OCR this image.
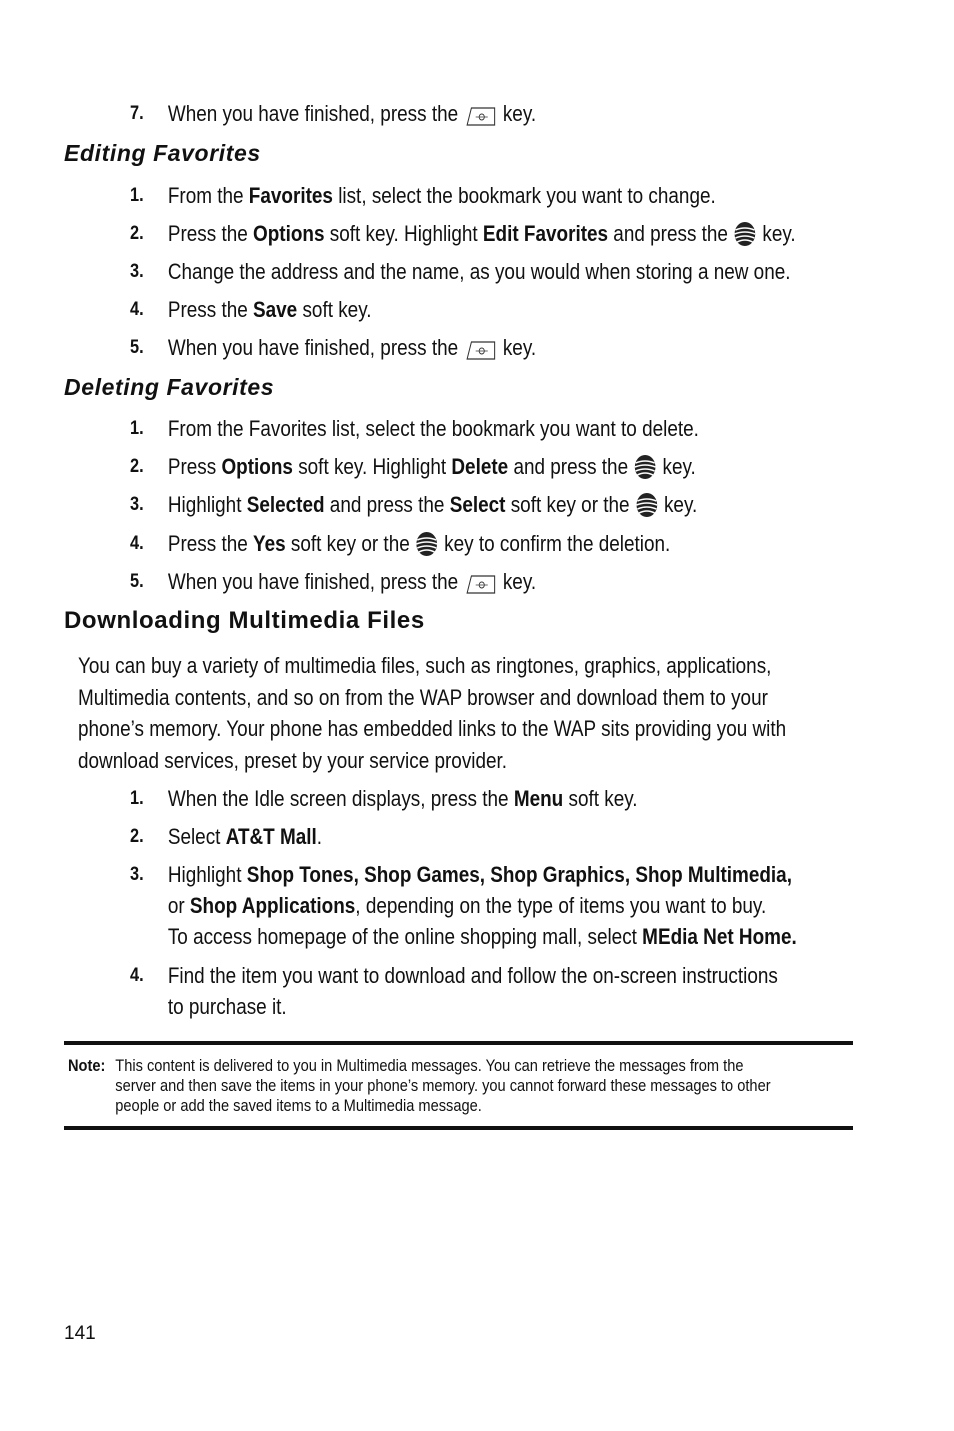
7. When you have finished, press the key.
Editing Favorites
1. From the Favorites list, select the bookmark you want to change.
2. Press the Options soft key. Highlight Edit Favorites and press the key.
3. Change the address and the name, as you would when storing a new one.
4. Press the Save soft key.
5. When you have finished, press the key.
Deleting Favorites
1. From the Favorites list, select the bookmark you want to delete.
2. Press Options soft key. Highlight Delete and press the key.
3. Highlight Selected and press the Select soft key or the key.
4. Press the Yes soft key or the key to confirm the deletion.
5. When you have finished, press the key.
Downloading Multimedia Files
You can buy a variety of multimedia files, such as ringtones, graphics, applications,
Multimedia contents, and so on from the WAP browser and download them to your
phone’s memory. Your phone has embedded links to the WAP sits providing you with
download services, preset by your service provider.
1. When the Idle screen displays, press the Menu soft key.
2. Select AT&T Mall.
3. Highlight Shop Tones, Shop Games, Shop Graphics, Shop Multimedia,
or Shop Applications, depending on the type of items you want to buy.
To access homepage of the online shopping mall, select MEdia Net Home.
4. Find the item you want to download and follow the on-screen instructions
to purchase it.
Note: This content is delivered to you in Multimedia messages. You can retrieve the messages from the
server and then save the items in your phone’s memory. you cannot forward these messages to other
people or add the saved items to a Multimedia message.
141
